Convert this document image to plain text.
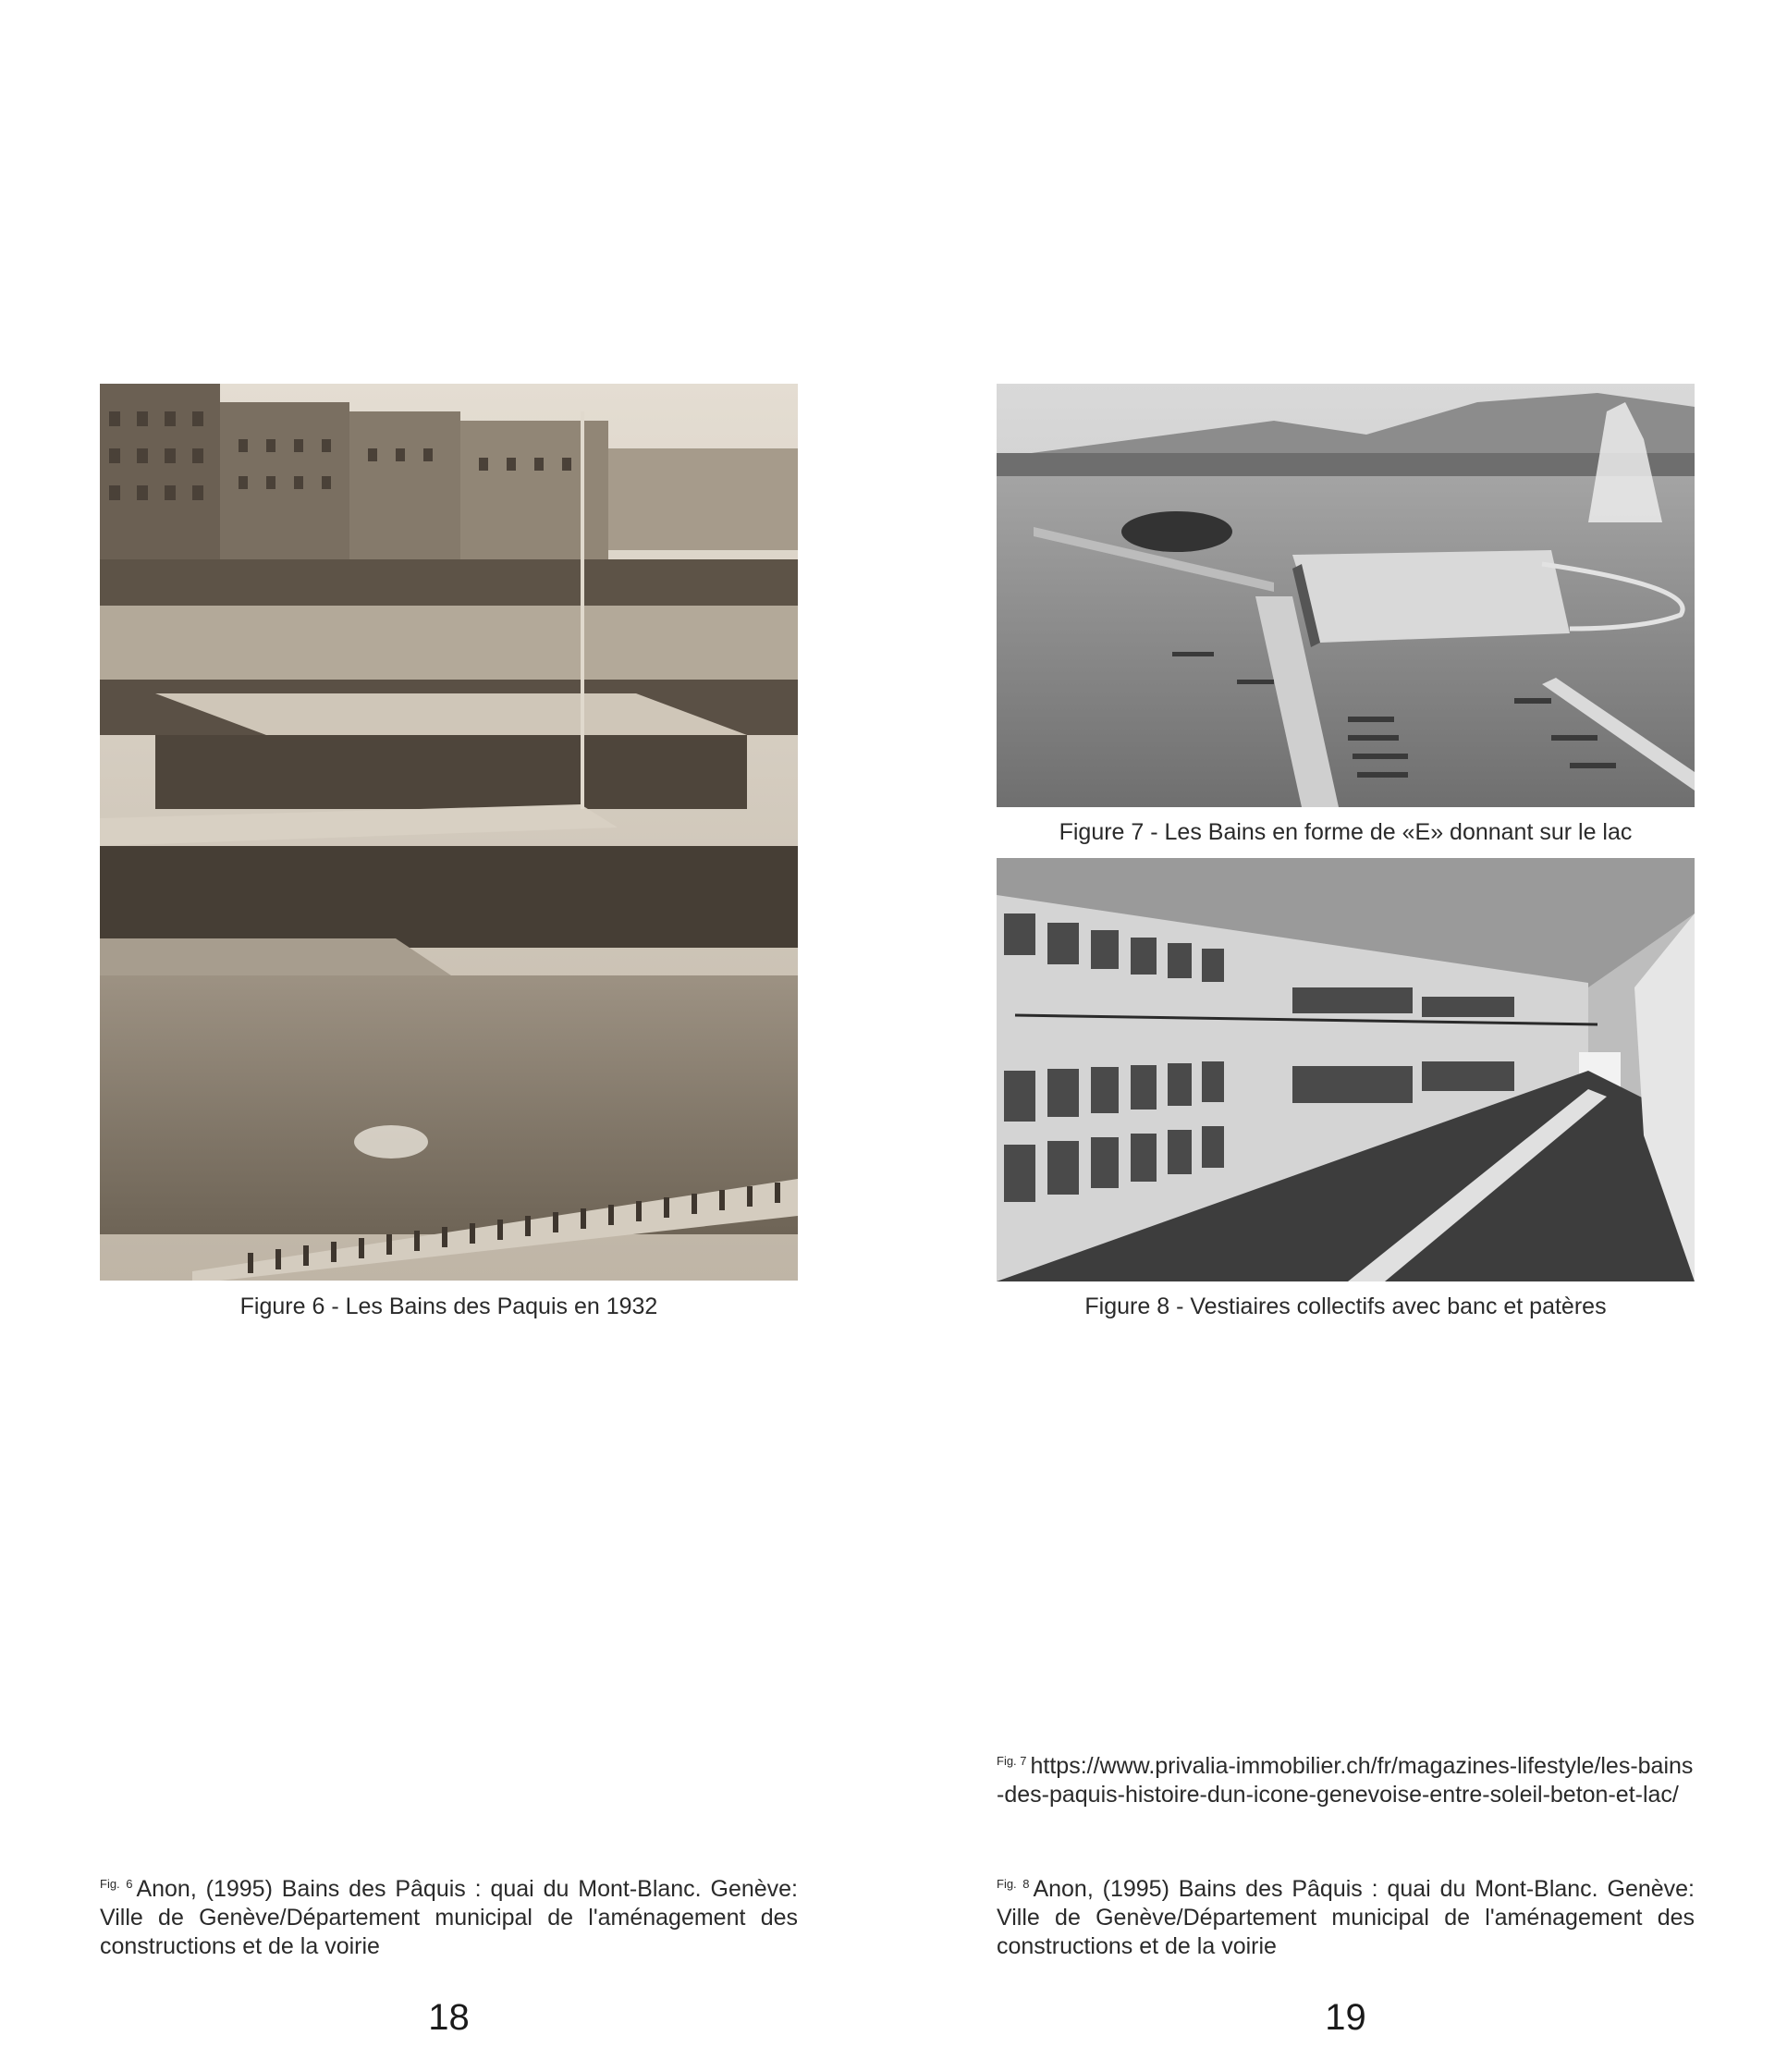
Figure 6 - Les Bains des Paquis en 1932
$^{Fig. 6}$ Anon, (1995) Bains des Pâquis : quai du Mont-Blanc. Genève: Ville de Genève/Département municipal de l'aménagement des constructions et de la voirie
18
Figure 7 - Les Bains en forme de «E» donnant sur le lac
Figure 8 - Vestiaires collectifs avec banc et patères
$^{Fig. 7}$ https://www.privalia-immobilier.ch/fr/magazines-lifestyle/les-bains-des-paquis-histoire-dun-icone-genevoise-entre-soleil-beton-et-lac/
$^{Fig. 8}$ Anon, (1995) Bains des Pâquis : quai du Mont-Blanc. Genève: Ville de Genève/Département municipal de l'aménagement des constructions et de la voirie
19
